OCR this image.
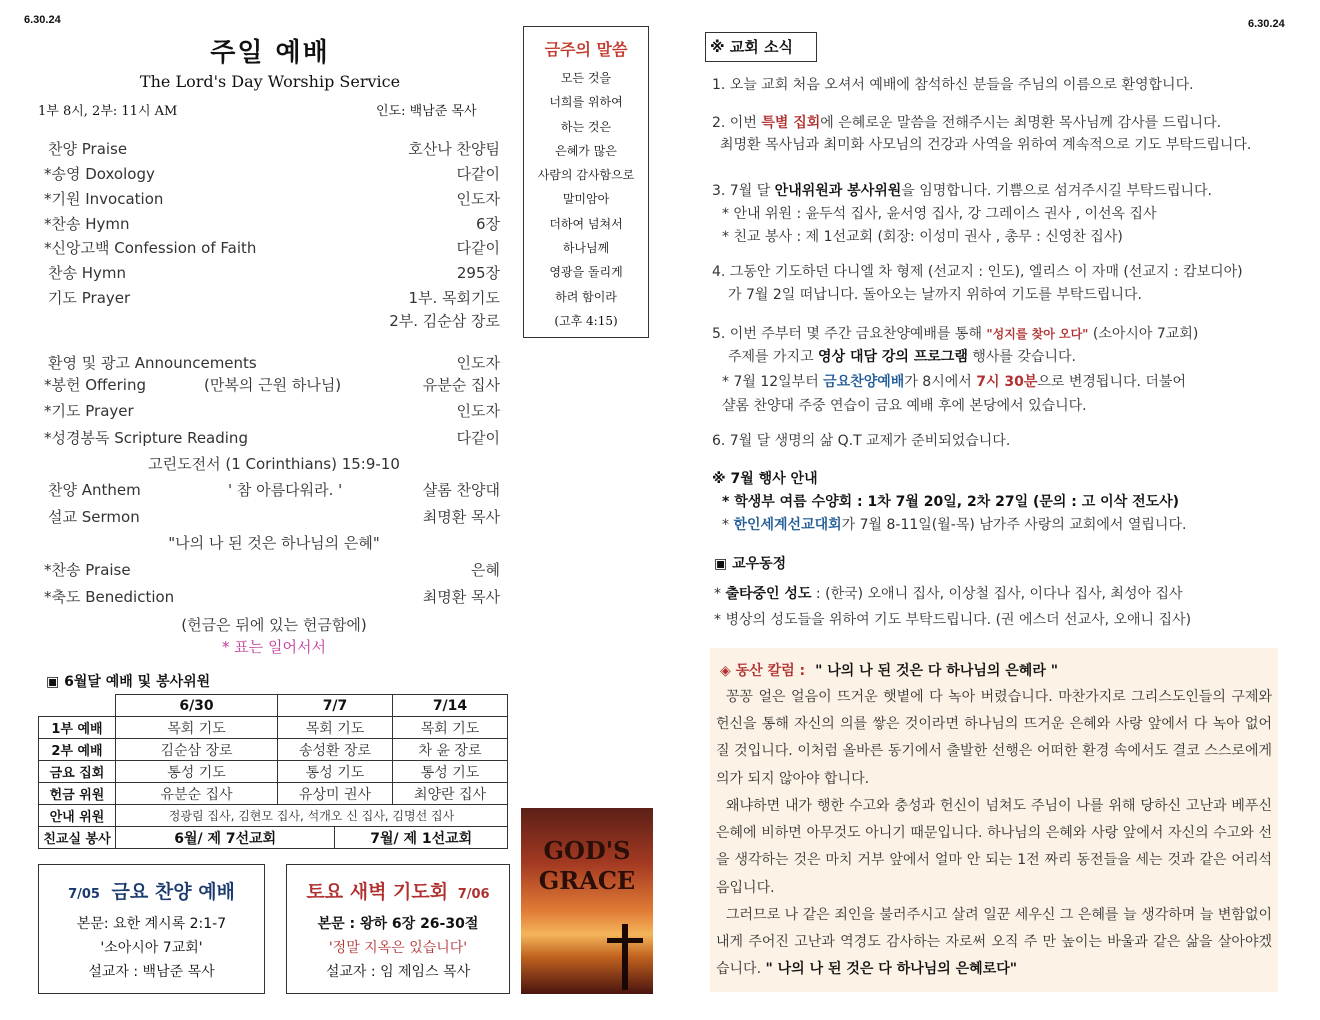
6.30.24	6.30.24
주일 예배
The Lord's Day Worship Service
1부 8시, 2부: 11시 AM	인도: 백남준 목사
찬양 Praise	호산나 찬양팀
*송영 Doxology	다같이
*기원 Invocation	인도자
*찬송 Hymn	6장
*신앙고백 Confession of Faith	다같이
찬송 Hymn	295장
기도 Prayer	1부. 목회기도
2부. 김순삼 장로
환영 및 광고 Announcements	인도자
*봉헌 Offering	(만복의 근원 하나님)	유분순 집사
*기도 Prayer	인도자
*성경봉독 Scripture Reading	다같이
고린도전서 (1 Corinthians) 15:9-10
찬양 Anthem	' 참 아름다워라. '	샬롬 찬양대
설교 Sermon	최명환 목사
"나의 나 된 것은 하나님의 은혜"
*찬송 Praise	은혜
*축도 Benediction	최명환 목사
(헌금은 뒤에 있는 헌금함에)
* 표는 일어서서
금주의 말씀
모든 것을
너희를 위하여
하는 것은
은혜가 많은
사람의 감사함으로
말미암아
더하여 넘쳐서
하나님께
영광을 돌리게
하려 함이라
(고후 4:15)
▣ 6월달 예배 및 봉사위원
	6/30	7/7		7/14
1부 예배	목회 기도	목회 기도		목회 기도
2부 예배	김순삼 장로	송성환 장로		차 윤 장로
금요 집회	통성 기도	통성 기도		통성 기도
헌금 위원	유분순 집사	유상미 권사		최양란 집사
안내 위원	정광림 집사, 김현모 집사, 석개오 신 집사, 김명선 집사			
친교실 봉사	6월/ 제 7선교회		7월/ 제 1선교회	
7/05 금요 찬양 예배
본문: 요한 계시록 2:1-7
'소아시아 7교회'
설교자 : 백남준 목사
토요 새벽 기도회 7/06
본문 : 왕하 6장 26-30절
'정말 지옥은 있습니다'
설교자 : 임 제임스 목사
GOD'S
GRACE
※ 교회 소식
1. 오늘 교회 처음 오셔서 예배에 참석하신 분들을 주님의 이름으로 환영합니다.
2. 이번 특별 집회에 은혜로운 말씀을 전해주시는 최명환 목사님께 감사를 드립니다.
최명환 목사님과 최미화 사모님의 건강과 사역을 위하여 계속적으로 기도 부탁드립니다.
3. 7월 달 안내위원과 봉사위원을 임명합니다. 기쁨으로 섬겨주시길 부탁드립니다.
* 안내 위원 : 윤두석 집사, 윤서영 집사, 강 그레이스 권사 , 이선옥 집사
* 친교 봉사 : 제 1선교회 (회장: 이성미 권사 , 총무 : 신영찬 집사)
4. 그동안 기도하던 다니엘 차 형제 (선교지 : 인도), 엘리스 이 자매 (선교지 : 캄보디아)
가 7월 2일 떠납니다. 돌아오는 날까지 위하여 기도를 부탁드립니다.
5. 이번 주부터 몇 주간 금요찬양예배를 통해 "성지를 찾아 오다" (소아시아 7교회)
주제를 가지고 영상 대담 강의 프로그램 행사를 갖습니다.
* 7월 12일부터 금요찬양예배가 8시에서 7시 30분으로 변경됩니다. 더불어
샬롬 찬양대 주중 연습이 금요 예배 후에 본당에서 있습니다.
6. 7월 달 생명의 삶 Q.T 교제가 준비되었습니다.
※ 7월 행사 안내
* 학생부 여름 수양회 : 1차 7월 20일, 2차 27일 (문의 : 고 이삭 전도사)
* 한인세계선교대회가 7월 8-11일(월-목) 남가주 사랑의 교회에서 열립니다.
▣ 교우동정
* 출타중인 성도 : (한국) 오애니 집사, 이상철 집사, 이다나 집사, 최성아 집사
* 병상의 성도들을 위하여 기도 부탁드립니다. (권 에스더 선교사, 오애니 집사)
◈ 동산 칼럼 : " 나의 나 된 것은 다 하나님의 은혜라 "
꽁꽁 얼은 얼음이 뜨거운 햇볕에 다 녹아 버렸습니다. 마찬가지로 그리스도인들의 구제와 헌신을 통해 자신의 의를 쌓은 것이라면 하나님의 뜨거운 은혜와 사랑 앞에서 다 녹아 없어질 것입니다. 이처럼 올바른 동기에서 출발한 선행은 어떠한 환경 속에서도 결코 스스로에게 의가 되지 않아야 합니다.
왜냐하면 내가 행한 수고와 충성과 헌신이 넘쳐도 주님이 나를 위해 당하신 고난과 베푸신 은혜에 비하면 아무것도 아니기 때문입니다. 하나님의 은혜와 사랑 앞에서 자신의 수고와 선을 생각하는 것은 마치 거부 앞에서 얼마 안 되는 1전 짜리 동전들을 세는 것과 같은 어리석음입니다.
그러므로 나 같은 죄인을 불러주시고 살려 일꾼 세우신 그 은혜를 늘 생각하며 늘 변함없이 내게 주어진 고난과 역경도 감사하는 자로써 오직 주 만 높이는 바울과 같은 삶을 살아야겠습니다. " 나의 나 된 것은 다 하나님의 은혜로다"
